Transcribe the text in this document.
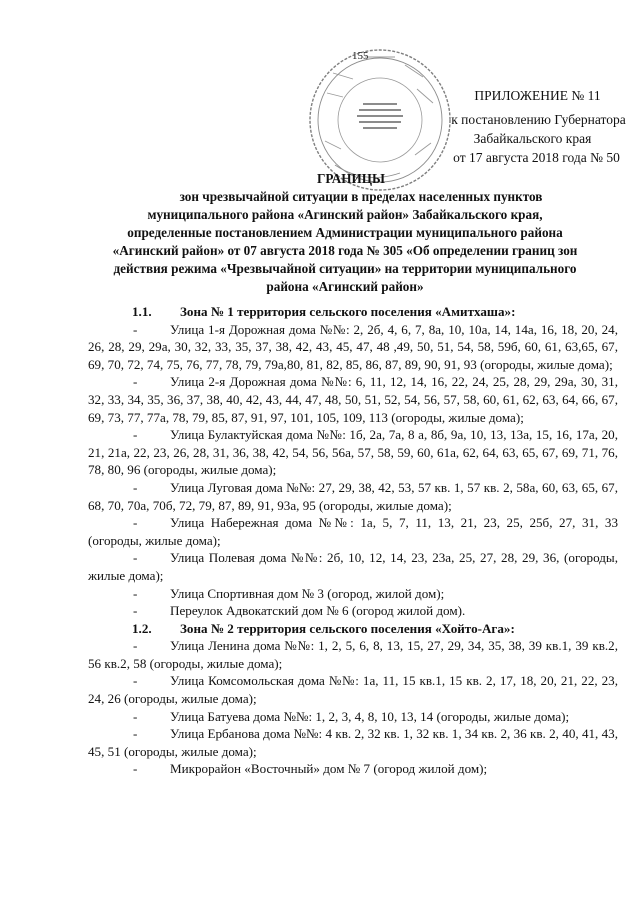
155
ПРИЛОЖЕНИЕ № 11
к постановлению Губернатора
Забайкальского края
от 17 августа 2018 года № 50
ГРАНИЦЫ
зон чрезвычайной ситуации в пределах населенных пунктов
муниципального района «Агинский район» Забайкальского края,
определенные постановлением Администрации муниципального района
«Агинский район» от 07 августа 2018 года № 305 «Об определении границ зон
действия режима «Чрезвычайной ситуации» на территории муниципального
района «Агинский район»

1.1.	Зона № 1 территория сельского поселения «Амитхаша»:

-	Улица 1-я Дорожная дома №№: 2, 2б, 4, 6, 7, 8а, 10, 10а, 14, 14а, 16, 18, 20, 24, 26, 28, 29, 29а, 30, 32, 33, 35, 37, 38, 42, 43, 45, 47, 48 ,49, 50, 51, 54, 58, 59б, 60, 61, 63,65, 67, 69, 70, 72, 74, 75, 76, 77, 78, 79, 79а,80, 81, 82, 85, 86, 87, 89, 90, 91, 93 (огороды, жилые дома);

-	Улица 2-я Дорожная дома №№: 6, 11, 12, 14, 16, 22, 24, 25, 28, 29, 29а, 30, 31, 32, 33, 34, 35, 36, 37, 38, 40, 42, 43, 44, 47, 48, 50, 51, 52, 54, 56, 57, 58, 60, 61, 62, 63, 64, 66, 67, 69, 73, 77, 77а, 78, 79, 85, 87, 91, 97, 101, 105, 109, 113 (огороды, жилые дома);

-	Улица Булактуйская дома №№: 1б, 2а, 7а, 8 а, 8б, 9а, 10, 13, 13а, 15, 16, 17а, 20, 21, 21а, 22, 23, 26, 28, 31, 36, 38, 42, 54, 56, 56а, 57, 58, 59, 60, 61а, 62, 64, 63, 65, 67, 69, 71, 76, 78, 80, 96 (огороды, жилые дома);

-	Улица Луговая дома №№: 27, 29, 38, 42, 53, 57 кв. 1, 57 кв. 2, 58а, 60, 63, 65, 67, 68, 70, 70а, 70б, 72, 79, 87, 89, 91, 93а, 95 (огороды, жилые дома);

-	Улица Набережная дома №№: 1а, 5, 7, 11, 13, 21, 23, 25, 25б, 27, 31, 33 (огороды, жилые дома);

-	Улица Полевая дома №№: 2б, 10, 12, 14, 23, 23а, 25, 27, 28, 29, 36, (огороды, жилые дома);

-	Улица Спортивная дом № 3 (огород, жилой дом);

-	Переулок Адвокатский дом № 6 (огород жилой дом).

1.2.	Зона № 2 территория сельского поселения «Хойто-Ага»:

-	Улица Ленина дома №№: 1, 2, 5, 6, 8, 13, 15, 27, 29, 34, 35, 38, 39 кв.1, 39 кв.2, 56 кв.2, 58 (огороды, жилые дома);

-	Улица Комсомольская дома №№: 1а, 11, 15 кв.1, 15 кв. 2, 17, 18, 20, 21, 22, 23, 24, 26 (огороды, жилые дома);

-	Улица Батуева дома №№: 1, 2, 3, 4, 8, 10, 13, 14 (огороды, жилые дома);

-	Улица Ербанова дома №№: 4 кв. 2, 32 кв. 1, 32 кв. 1, 34 кв. 2, 36 кв. 2, 40, 41, 43, 45, 51 (огороды, жилые дома);

-	Микрорайон «Восточный» дом № 7 (огород жилой дом);
